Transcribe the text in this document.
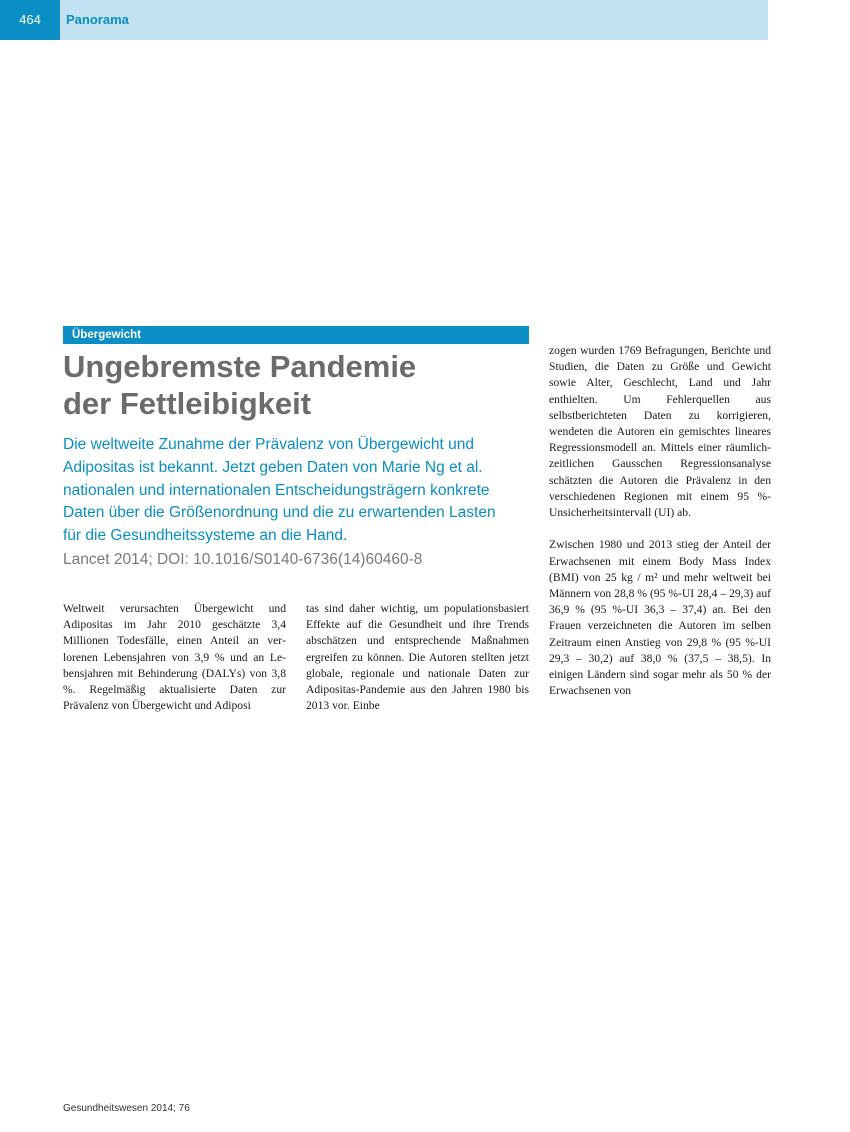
464	Panorama
Übergewicht
Ungebremste Pandemie
der Fettleibigkeit

Die weltweite Zunahme der Prävalenz von Übergewicht und
Adipositas ist bekannt. Jetzt geben Daten von Marie Ng et al.
nationalen und internationalen Entscheidungsträgern konkrete
Daten über die Größenordnung und die zu erwartenden Lasten
für die Gesundheitssysteme an die Hand.

Lancet 2014; DOI: 10.1016/S0140-6736(14)60460-8

Weltweit verursachten Übergewicht und Adipositas im Jahr 2010 geschätzte 3,4 Millionen Todesfälle, einen Anteil an verlorenen Lebensjahren von 3,9 % und an Lebensjahren mit Behinderung (DALYs) von 3,8 %. Regelmäßig aktualisierte Daten zur Prävalenz von Übergewicht und Adiposi

tas sind daher wichtig, um populationsbasiert Effekte auf die Gesundheit und ihre Trends abschätzen und entsprechende Maßnahmen ergreifen zu können. Die Autoren stellten jetzt globale, regionale und nationale Daten zur Adipositas-Pandemie aus den Jahren 1980 bis 2013 vor. Einbe

zogen wurden 1769 Befragungen, Berichte und Studien, die Daten zu Größe und Gewicht sowie Alter, Geschlecht, Land und Jahr enthielten. Um Fehlerquellen aus selbstberichteten Daten zu korrigieren, wendeten die Autoren ein gemischtes lineares Regressionsmodell an. Mittels einer räumlich-zeitlichen Gausschen Regressionsanalyse schätzten die Autoren die Prävalenz in den verschiedenen Regionen mit einem 95 %-Unsicherheitsintervall (UI) ab.

Zwischen 1980 und 2013 stieg der Anteil der Erwachsenen mit einem Body Mass Index (BMI) von 25 kg / m² und mehr weltweit bei Männern von 28,8 % (95 %-UI 28,4 – 29,3) auf 36,9 % (95 %-UI 36,3 – 37,4) an. Bei den Frauen verzeichneten die Autoren im selben Zeitraum einen Anstieg von 29,8 % (95 %-UI 29,3 – 30,2) auf 38,0 % (37,5 – 38,5). In einigen Ländern sind sogar mehr als 50 % der Erwachsenen von

Gesundheitswesen 2014; 76
